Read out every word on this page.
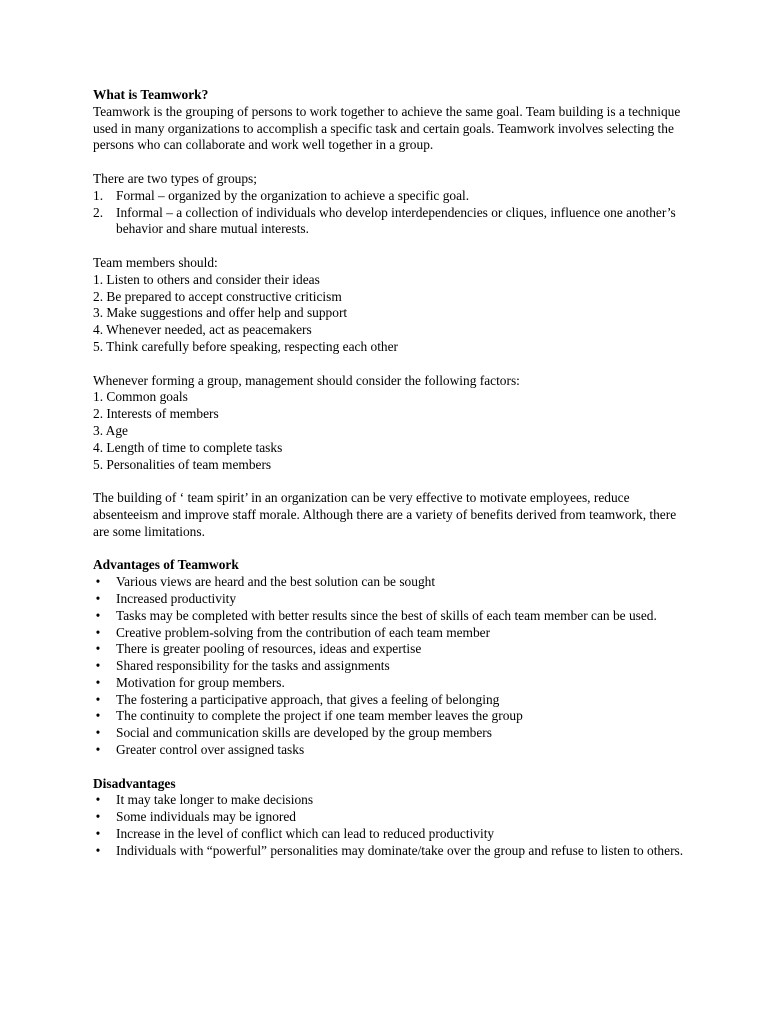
What is Teamwork?

Teamwork is the grouping of persons to work together to achieve the same goal. Team building is a technique used in many organizations to accomplish a specific task and certain goals. Teamwork involves selecting the persons who can collaborate and work well together in a group.

There are two types of groups;

1. Formal – organized by the organization to achieve a specific goal.
2. Informal – a collection of individuals who develop interdependencies or cliques, influence one another’s behavior and share mutual interests.

Team members should:

1. Listen to others and consider their ideas
2. Be prepared to accept constructive criticism
3. Make suggestions and offer help and support
4. Whenever needed, act as peacemakers
5. Think carefully before speaking, respecting each other

Whenever forming a group, management should consider the following factors:

1. Common goals
2. Interests of members
3. Age
4. Length of time to complete tasks
5. Personalities of team members

The building of ‘ team spirit’ in an organization can be very effective to motivate employees, reduce absenteeism and improve staff morale. Although there are a variety of benefits derived from teamwork, there are some limitations.

Advantages of Teamwork

• Various views are heard and the best solution can be sought
• Increased productivity
• Tasks may be completed with better results since the best of skills of each team member can be used.
• Creative problem-solving from the contribution of each team member
• There is greater pooling of resources, ideas and expertise
• Shared responsibility for the tasks and assignments
• Motivation for group members.
• The fostering a participative approach, that gives a feeling of belonging
• The continuity to complete the project if one team member leaves the group
• Social and communication skills are developed by the group members
• Greater control over assigned tasks

Disadvantages

• It may take longer to make decisions
• Some individuals may be ignored
• Increase in the level of conflict which can lead to reduced productivity
• Individuals with “powerful” personalities may dominate/take over the group and refuse to listen to others.
